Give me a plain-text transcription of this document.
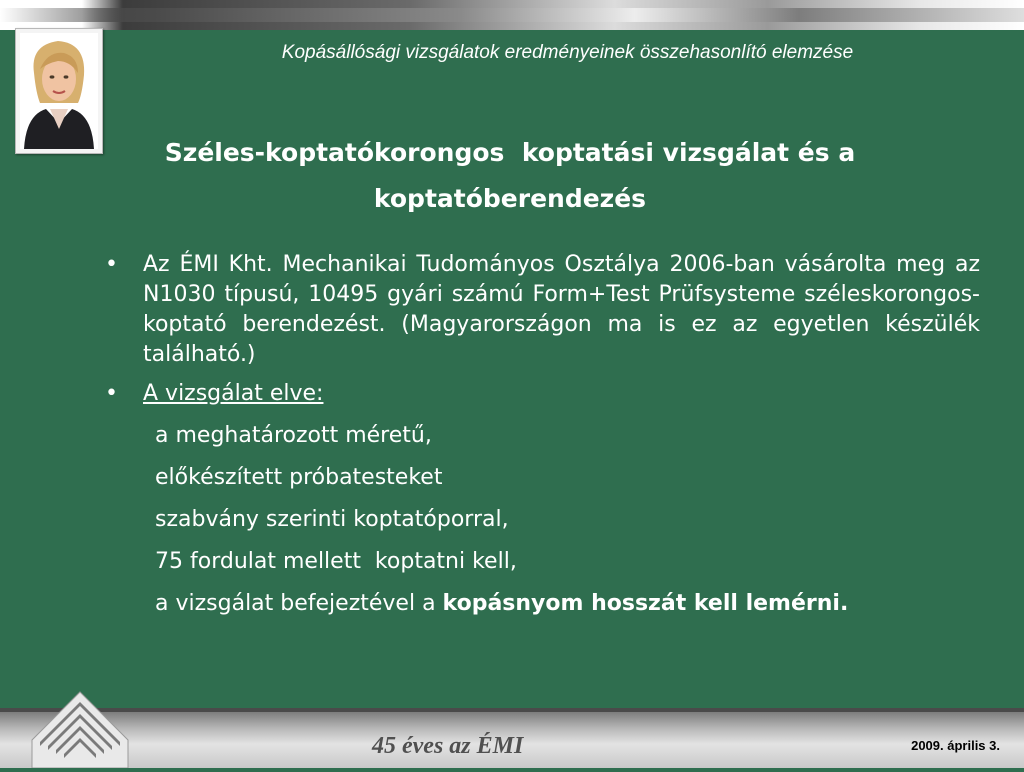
Kopásállósági vizsgálatok eredményeinek összehasonlító elemzése
Széles-koptatókorongos  koptatási vizsgálat és a
koptatóberendezés

•	Az ÉMI Kht. Mechanikai Tudományos Osztálya 2006-ban vásárolta meg az N1030 típusú, 10495 gyári számú Form+Test Prüfsysteme széleskorongos-koptató berendezést. (Magyarországon ma is ez az egyetlen készülék található.)

•	A vizsgálat elve:

a meghatározott méretű,
előkészített próbatesteket
szabvány szerinti koptatóporral,
75 fordulat mellett  koptatni kell,
a vizsgálat befejeztével a kopásnyom hosszát kell lemérni.
45 éves az ÉMI	2009. április 3.
